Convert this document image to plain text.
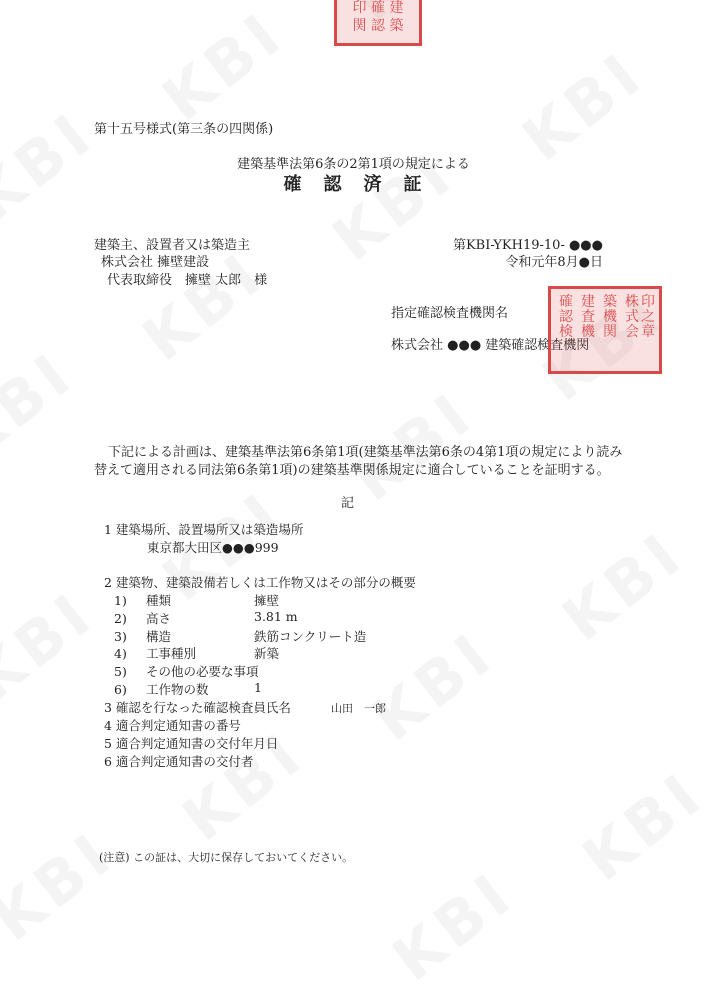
印 確 建
関 認 築
第十五号様式(第三条の四関係)
建築基準法第6条の2第1項の規定による
確　認　済　証
建築主、設置者又は築造主
株式会社 擁壁建設
代表取締役　擁壁 太郎　様
第KBI-YKH19-10- ●●●
令和元年8月●日
指定確認検査機関名
株式会社 ●●● 建築確認検査機関
確
認
検
建
査
機
築
機
関
株
式
会
印
之
章
下記による計画は、建築基準法第6条第1項(建築基準法第6条の4第1項の規定により読み
替えて適用される同法第6条第1項)の建築基準関係規定に適合していることを証明する。
記
1 建築場所、設置場所又は築造場所
東京都大田区●●●999
2 建築物、建築設備若しくは工作物又はその部分の概要
1) 種類	擁壁
2) 高さ	3.81 m
3) 構造	鉄筋コンクリート造
4) 工事種別	新築
5) その他の必要な事項
6) 工作物の数	1
3 確認を行なった確認検査員氏名	山田　一郎
4 適合判定通知書の番号
5 適合判定通知書の交付年月日
6 適合判定通知書の交付者
(注意) この証は、大切に保存しておいてください。
